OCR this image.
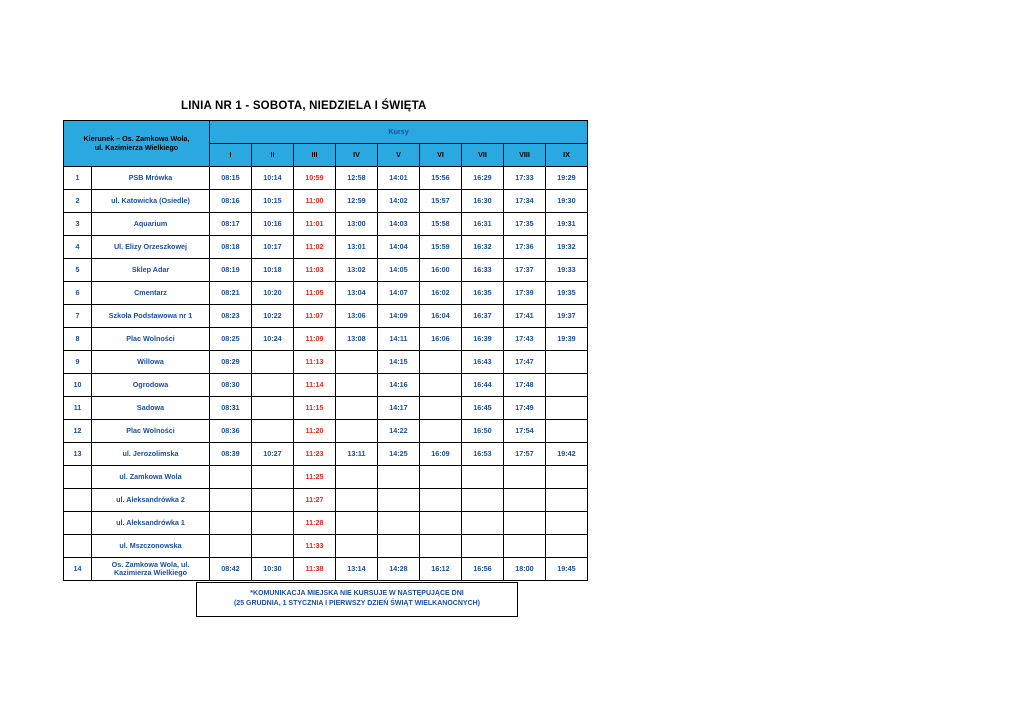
LINIA NR 1 - SOBOTA, NIEDZIELA I ŚWIĘTA
Kierunek – Os. Zamkowa Wola,
ul. Kazimierza Wielkiego		Kursy								
		I	II	III	IV	V	VI	VII	VIII	IX
1	PSB Mrówka	08:15	10:14	10:59	12:58	14:01	15:56	16:29	17:33	19:29
2	ul. Katowicka (Osiedle)	08:16	10:15	11:00	12:59	14:02	15:57	16:30	17:34	19:30
3	Aquarium	08:17	10:16	11:01	13:00	14:03	15:58	16:31	17:35	19:31
4	Ul. Elizy Orzeszkowej	08:18	10:17	11:02	13:01	14:04	15:59	16:32	17:36	19:32
5	Sklep Adar	08:19	10:18	11:03	13:02	14:05	16:00	16:33	17:37	19:33
6	Cmentarz	08:21	10:20	11:05	13:04	14:07	16:02	16:35	17:39	19:35
7	Szkoła Podstawowa nr 1	08:23	10:22	11:07	13:06	14:09	16:04	16:37	17:41	19:37
8	Plac Wolności	08:25	10:24	11:09	13:08	14:11	16:06	16:39	17:43	19:39
9	Willowa	08:29		11:13		14:15		16:43	17:47	
10	Ogrodowa	08:30		11:14		14:16		16:44	17:48	
11	Sadowa	08:31		11:15		14:17		16:45	17:49	
12	Plac Wolności	08:36		11:20		14:22		16:50	17:54	
13	ul. Jerozolimska	08:39	10:27	11:23	13:11	14:25	16:09	16:53	17:57	19:42
	ul. Zamkowa Wola			11:25						
	ul. Aleksandrówka 2			11:27						
	ul. Aleksandrówka 1			11:28						
	ul. Mszczonowska			11:33						
14	Os. Zamkowa Wola, ul. Kazimierza Wielkiego	08:42	10:30	11:38	13:14	14:28	16:12	16:56	18:00	19:45
*KOMUNIKACJA MIEJSKA NIE KURSUJE W NASTĘPUJĄCE DNI
(25 GRUDNIA, 1 STYCZNIA I PIERWSZY DZIEŃ ŚWIĄT WIELKANOCNYCH)
